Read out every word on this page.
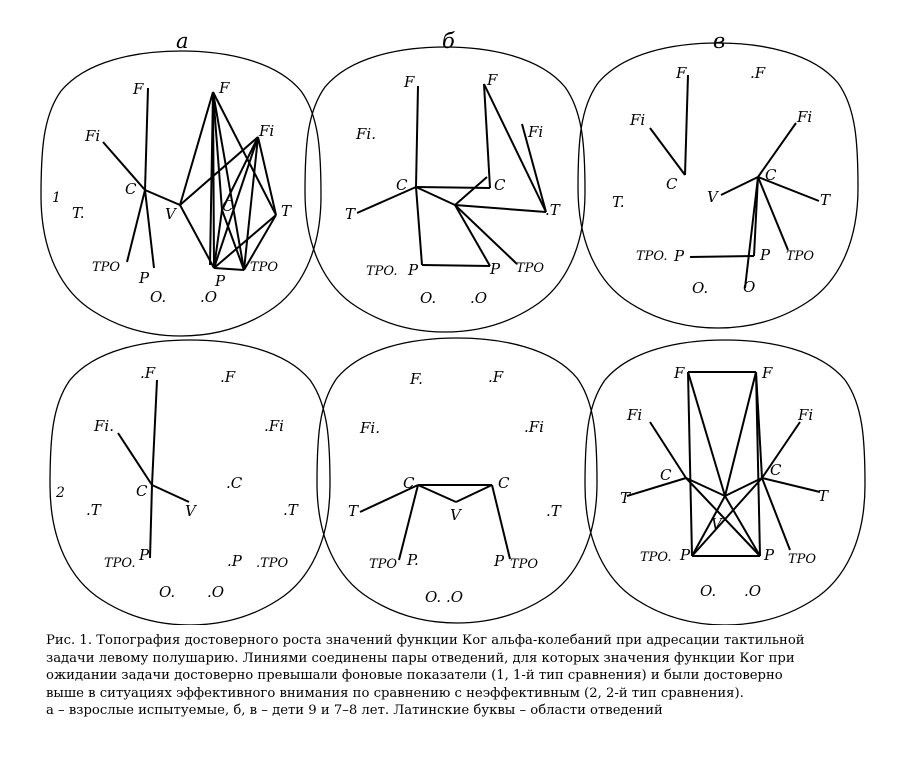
а	б	в
1
2
F	F
Fi	Fi
C
C
V
T.	T
TPO	TPO
P	P
O. .O
F	F
Fi.	Fi
C	C
T	.T
TPO.	TPO
P	P
O. .O
F	.F
Fi	Fi
C	C
V
T.	T
TPO.	TPO
P	P
O. O
.F	.F
Fi.	.Fi
C	.C
V
.T	.T
TPO.	.TPO
P	.P
O. .O
F.	.F
Fi.	.Fi
C	C
V
T	.T
TPO	TPO
P.	P
O. .O
F	F
Fi	Fi
C	C
V
T	T
TPO.	TPO
P	P
O. .O

Рис. 1. Топография достоверного роста значений функции Ког альфа-колебаний при адресации тактильной

задачи левому полушарию. Линиями соединены пары отведений, для которых значения функции Ког при

ожидании задачи достоверно превышали фоновые показатели (1, 1-й тип сравнения) и были достоверно

выше в ситуациях эффективного внимания по сравнению с неэффективным (2, 2-й тип сравнения).

а – взрослые испытуемые, б, в – дети 9 и 7–8 лет. Латинские буквы – области отведений
